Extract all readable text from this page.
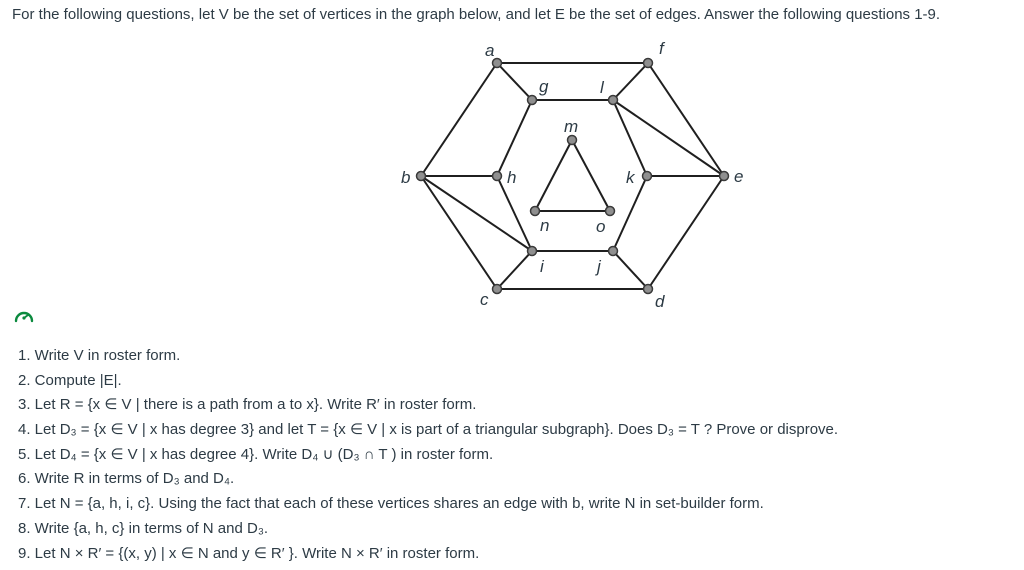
For the following questions, let V be the set of vertices in the graph below, and let E be the set of edges. Answer the following questions 1-9.

a	f
g	l
m
b	h	k	e
n	o
i	j
c	d
1. Write V in roster form.
2. Compute |E|.
3. Let R = {x ∈ V | there is a path from a to x}. Write R′ in roster form.
4. Let D₃ = {x ∈ V | x has degree 3} and let T = {x ∈ V | x is part of a triangular subgraph}. Does D₃ = T ? Prove or disprove.
5. Let D₄ = {x ∈ V | x has degree 4}. Write D₄ ∪ (D₃ ∩ T ) in roster form.
6. Write R in terms of D₃ and D₄.
7. Let N = {a, h, i, c}. Using the fact that each of these vertices shares an edge with b, write N in set-builder form.
8. Write {a, h, c} in terms of N and D₃.
9. Let N × R′ = {(x, y) | x ∈ N and y ∈ R′ }. Write N × R′ in roster form.
